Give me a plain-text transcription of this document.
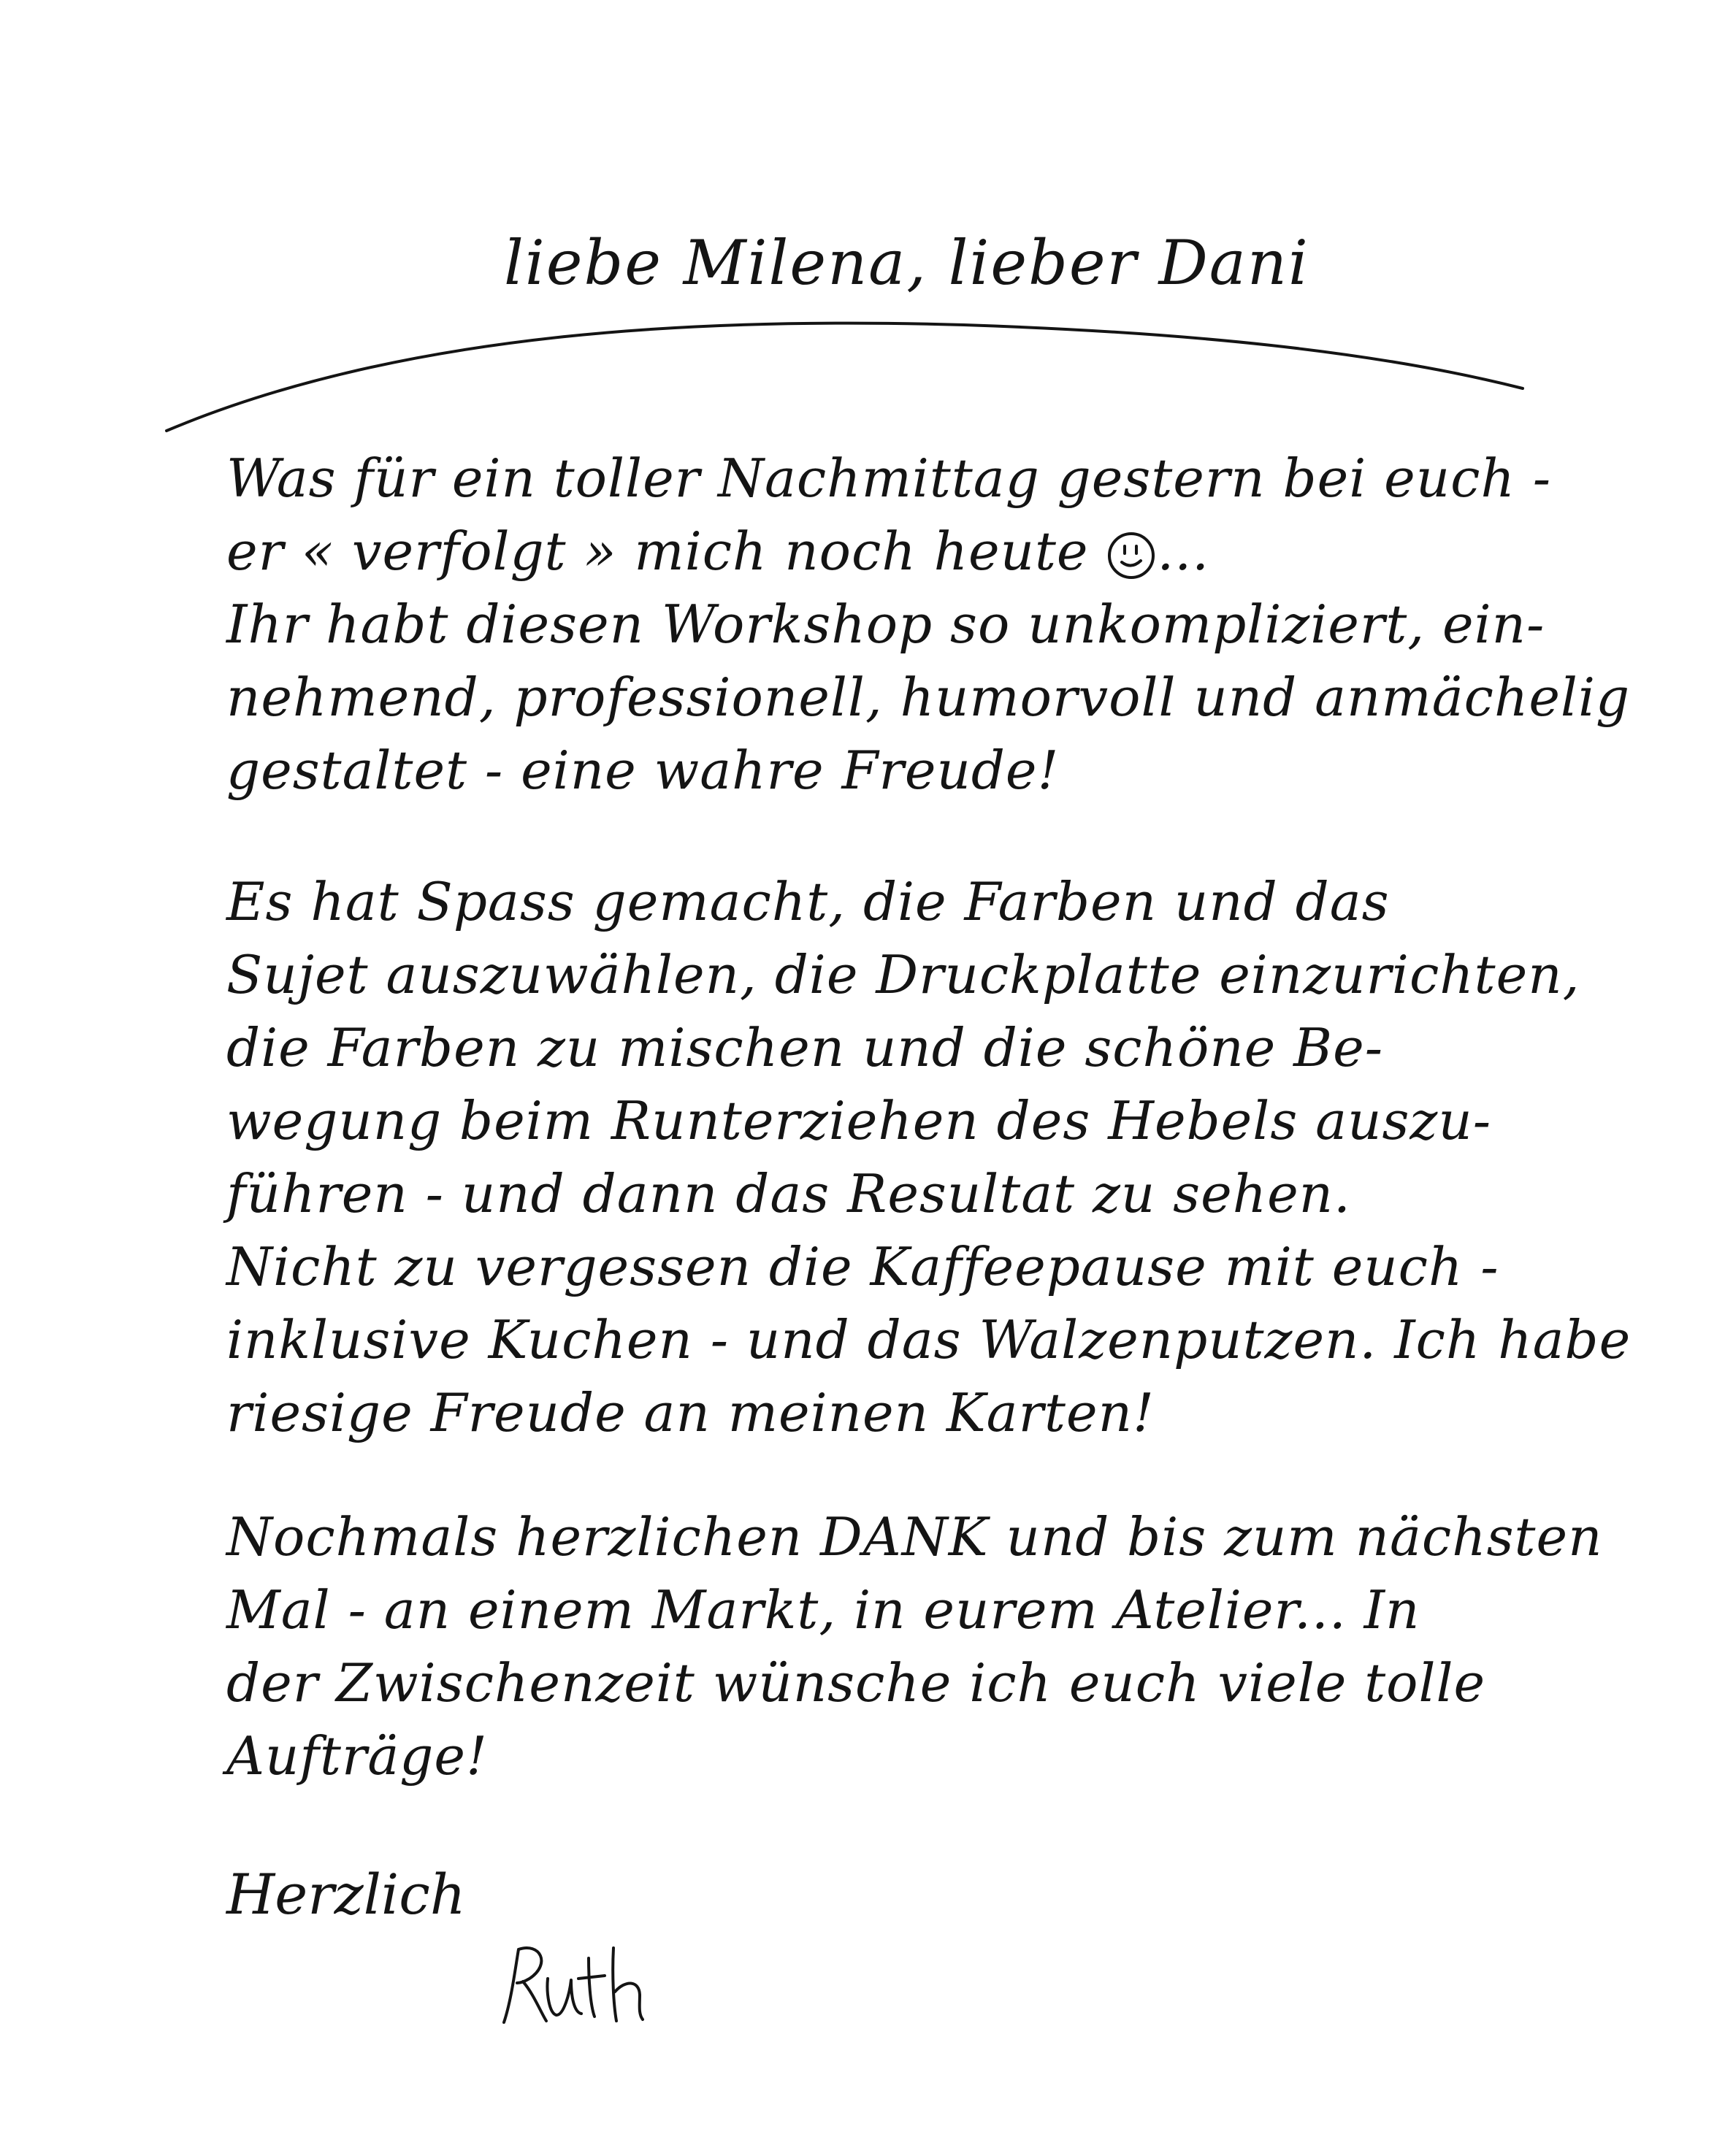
liebe Milena, lieber Dani
Was für ein toller Nachmittag gestern bei euch -
er « verfolgt » mich noch heute ...
Ihr habt diesen Workshop so unkompliziert, ein-
nehmend, professionell, humorvoll und anmächelig
gestaltet - eine wahre Freude!
Es hat Spass gemacht, die Farben und das
Sujet auszuwählen, die Druckplatte einzurichten,
die Farben zu mischen und die schöne Be-
wegung beim Runterziehen des Hebels auszu-
führen - und dann das Resultat zu sehen.
Nicht zu vergessen die Kaffeepause mit euch -
inklusive Kuchen - und das Walzenputzen. Ich habe
riesige Freude an meinen Karten!
Nochmals herzlichen DANK und bis zum nächsten
Mal - an einem Markt, in eurem Atelier... In
der Zwischenzeit wünsche ich euch viele tolle
Aufträge!
Herzlich
